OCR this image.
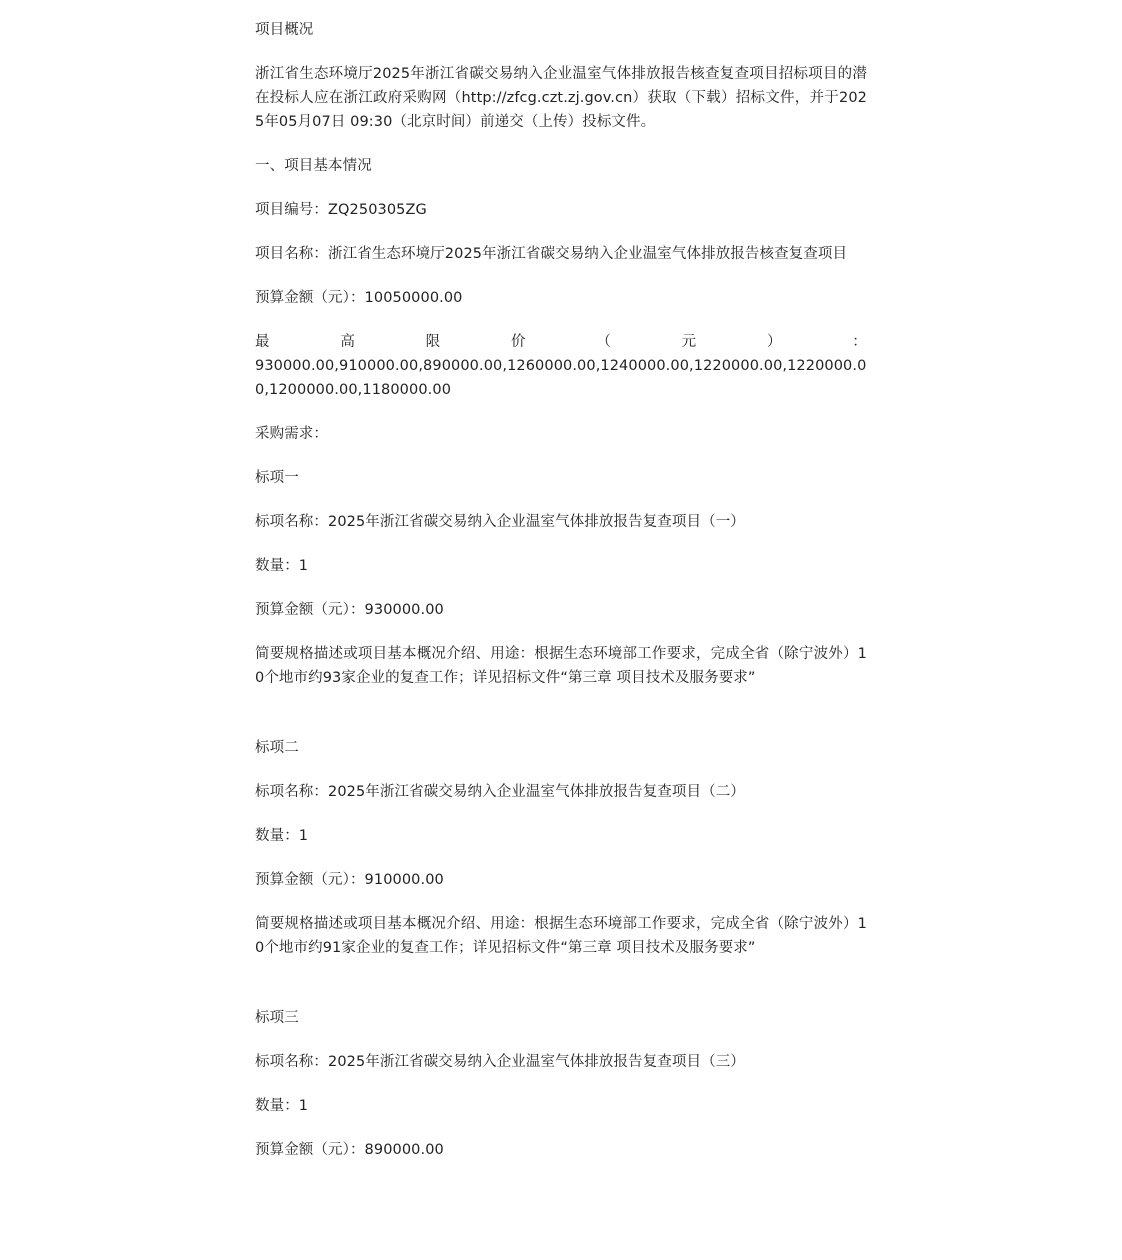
项目概况

浙江省生态环境厅2025年浙江省碳交易纳入企业温室气体排放报告核查复查项目招标项目的潜在投标人应在浙江政府采购网（http://zfcg.czt.zj.gov.cn）获取（下载）招标文件，并于2025年05月07日 09:30（北京时间）前递交（上传）投标文件。

一、项目基本情况

项目编号：ZQ250305ZG

项目名称：浙江省生态环境厅2025年浙江省碳交易纳入企业温室气体排放报告核查复查项目

预算金额（元）：10050000.00

最	高	限	价	（	元	）	：
930000.00,910000.00,890000.00,1260000.00,1240000.00,1220000.00,1220000.00,1200000.00,1180000.00

采购需求：

标项一

标项名称：2025年浙江省碳交易纳入企业温室气体排放报告复查项目（一）

数量：1

预算金额（元）：930000.00

简要规格描述或项目基本概况介绍、用途：根据生态环境部工作要求，完成全省（除宁波外）10个地市约93家企业的复查工作；详见招标文件“第三章 项目技术及服务要求”

标项二

标项名称：2025年浙江省碳交易纳入企业温室气体排放报告复查项目（二）

数量：1

预算金额（元）：910000.00

简要规格描述或项目基本概况介绍、用途：根据生态环境部工作要求，完成全省（除宁波外）10个地市约91家企业的复查工作；详见招标文件“第三章 项目技术及服务要求”

标项三

标项名称：2025年浙江省碳交易纳入企业温室气体排放报告复查项目（三）

数量：1

预算金额（元）：890000.00
